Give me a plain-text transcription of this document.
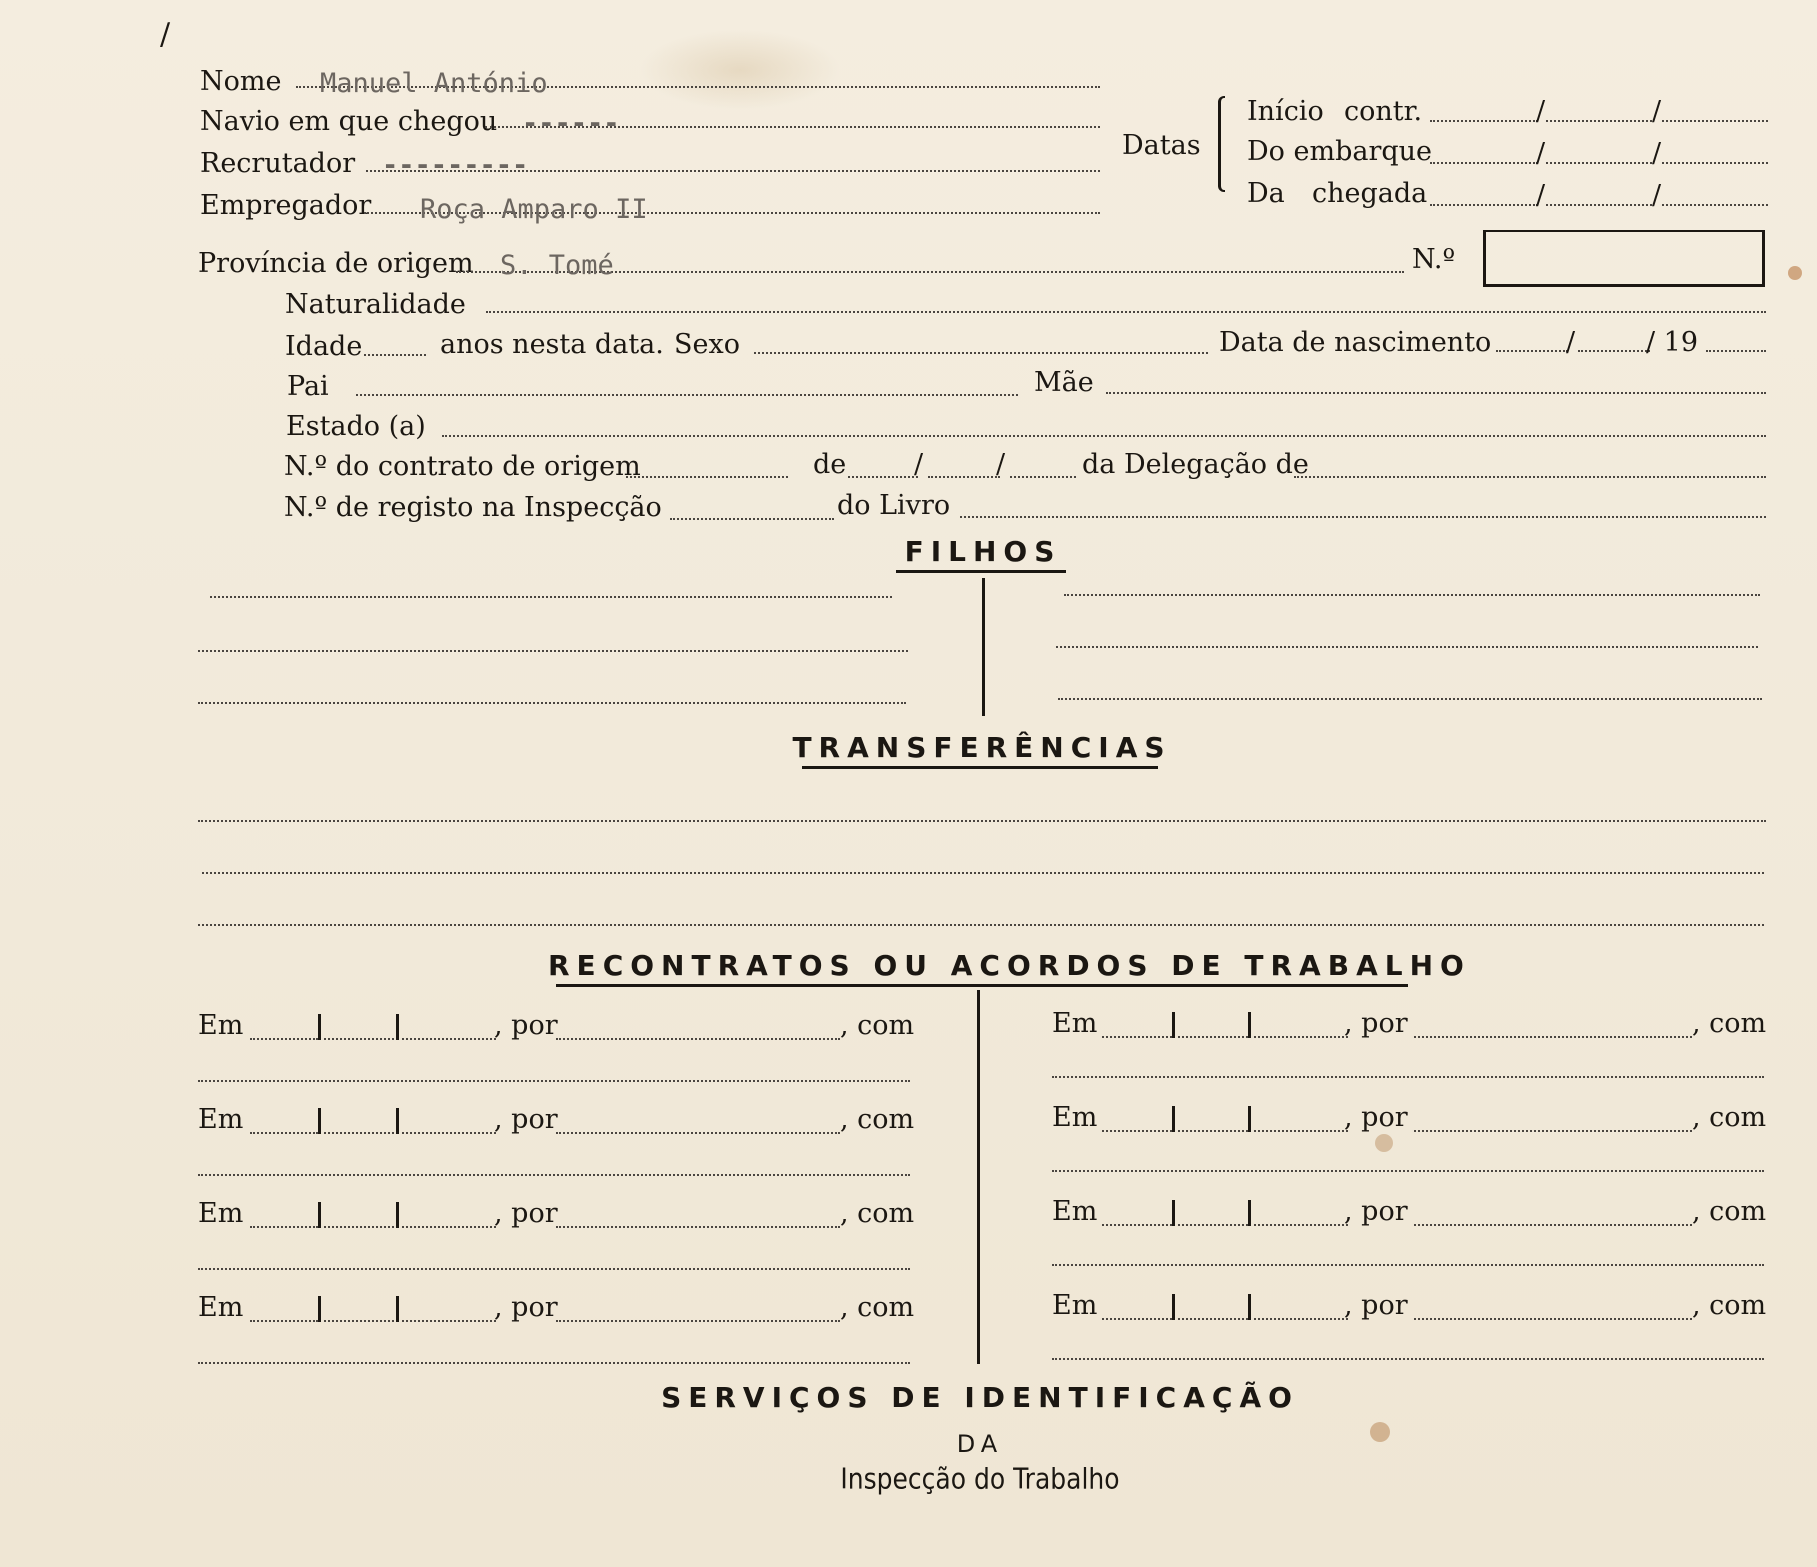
/
Nome Manuel António
Navio em que chegou ------
Recrutador ---------
Empregador Roça Amparo II
Datas
Início contr.	/	/
Do embarque	/	/
Da chegada	/	/
Província de origem S. Tomé	N.º
Naturalidade
Idade	anos nesta data. Sexo	Data de nascimento	/	/ 19
Pai	Mãe
Estado (a)
N.º do contrato de origem	de	/	/	da Delegação de
N.º de registo na Inspecção	do Livro
FILHOS
TRANSFERÊNCIAS
RECONTRATOS OU ACORDOS DE TRABALHO
Em	, por	, com
Em	, por	, com
Em	, por	, com
Em	, por	, com
Em	, por	, com
Em	, por	, com
Em	, por	, com
Em	, por	, com
SERVIÇOS DE IDENTIFICAÇÃO
DA
Inspecção do Trabalho
